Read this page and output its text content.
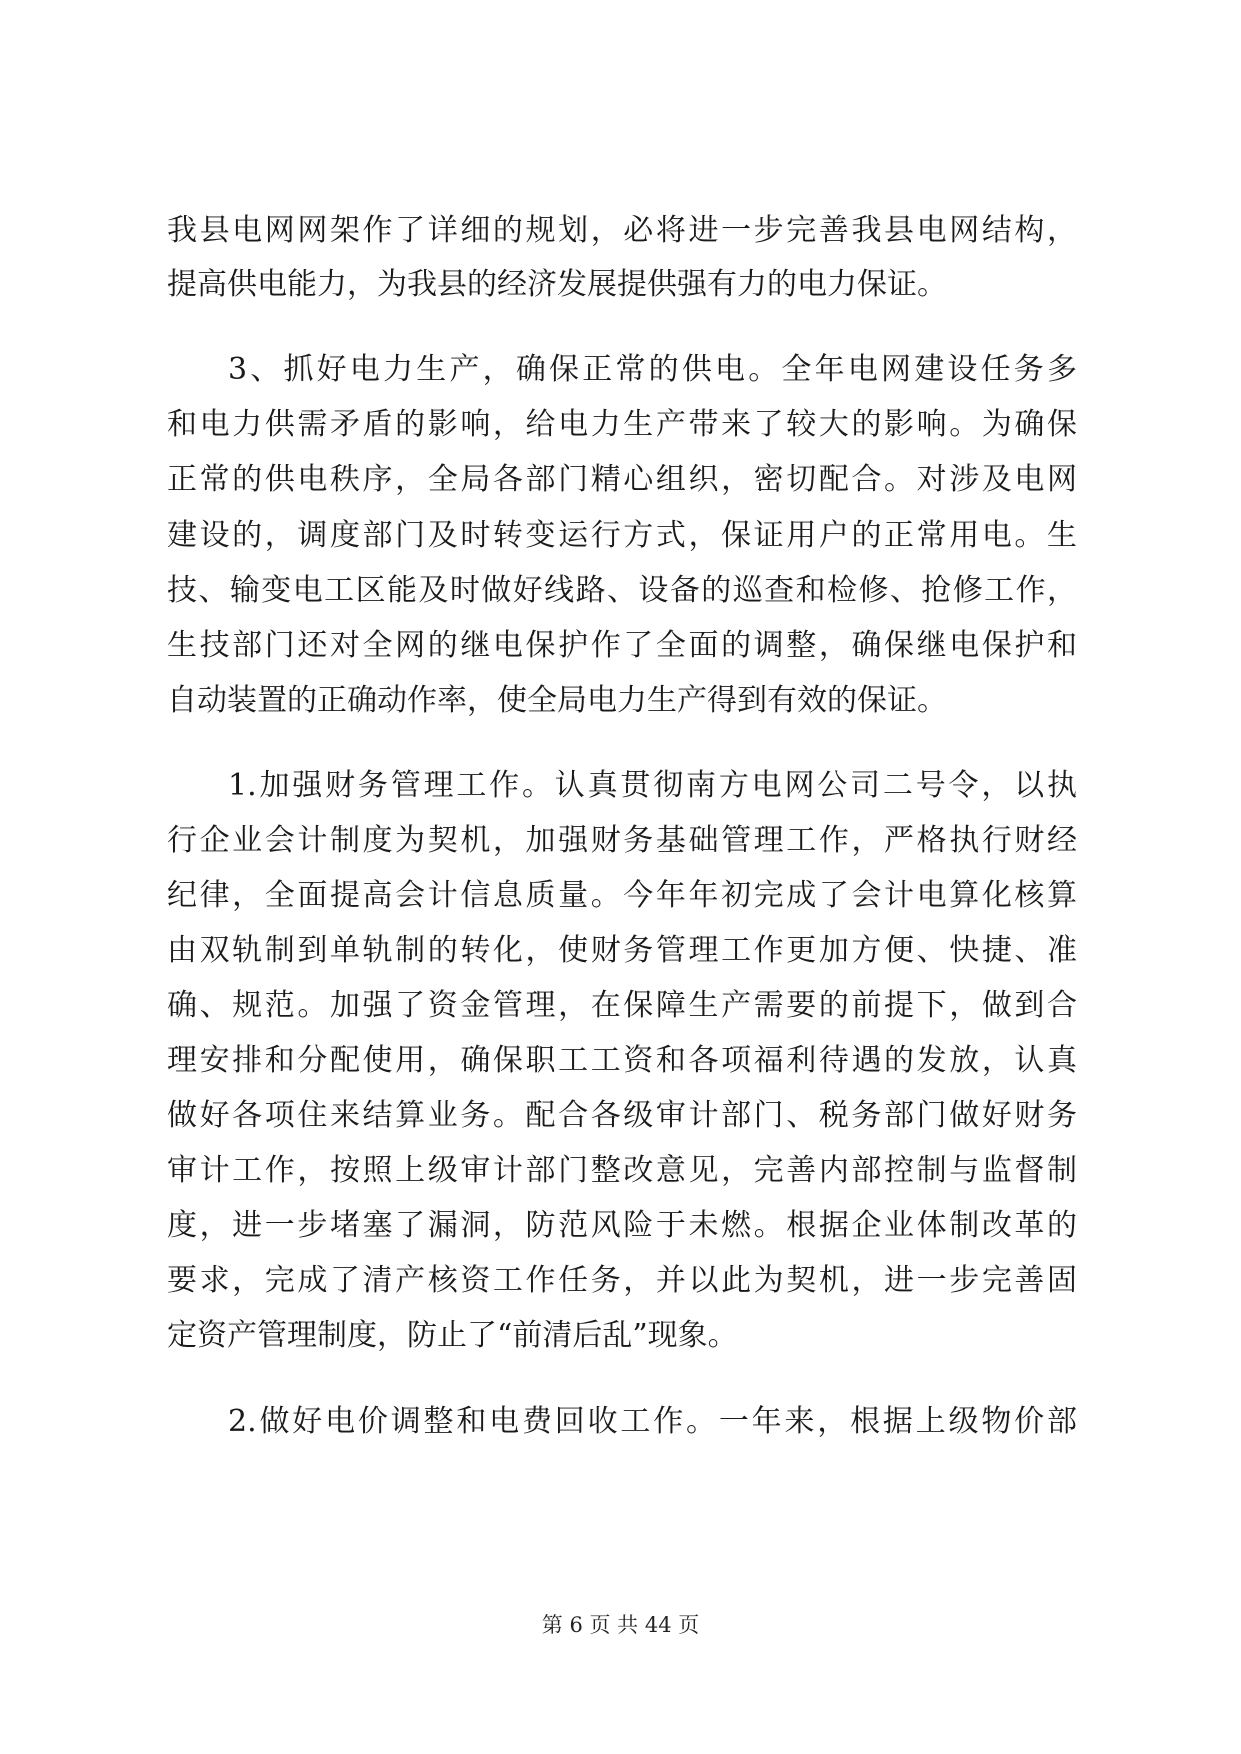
我县电网网架作了详细的规划，必将进一步完善我县电网结构，
提高供电能力，为我县的经济发展提供强有力的电力保证。
3、抓好电力生产，确保正常的供电。全年电网建设任务多
和电力供需矛盾的影响，给电力生产带来了较大的影响。为确保
正常的供电秩序，全局各部门精心组织，密切配合。对涉及电网
建设的，调度部门及时转变运行方式，保证用户的正常用电。生
技、输变电工区能及时做好线路、设备的巡查和检修、抢修工作，
生技部门还对全网的继电保护作了全面的调整，确保继电保护和
自动装置的正确动作率，使全局电力生产得到有效的保证。
1.加强财务管理工作。认真贯彻南方电网公司二号令，以执
行企业会计制度为契机，加强财务基础管理工作，严格执行财经
纪律，全面提高会计信息质量。今年年初完成了会计电算化核算
由双轨制到单轨制的转化，使财务管理工作更加方便、快捷、准
确、规范。加强了资金管理，在保障生产需要的前提下，做到合
理安排和分配使用，确保职工工资和各项福利待遇的发放，认真
做好各项住来结算业务。配合各级审计部门、税务部门做好财务
审计工作，按照上级审计部门整改意见，完善内部控制与监督制
度，进一步堵塞了漏洞，防范风险于未燃。根据企业体制改革的
要求，完成了清产核资工作任务，并以此为契机，进一步完善固
定资产管理制度，防止了“前清后乱”现象。
2.做好电价调整和电费回收工作。一年来，根据上级物价部
第 6 页 共 44 页
